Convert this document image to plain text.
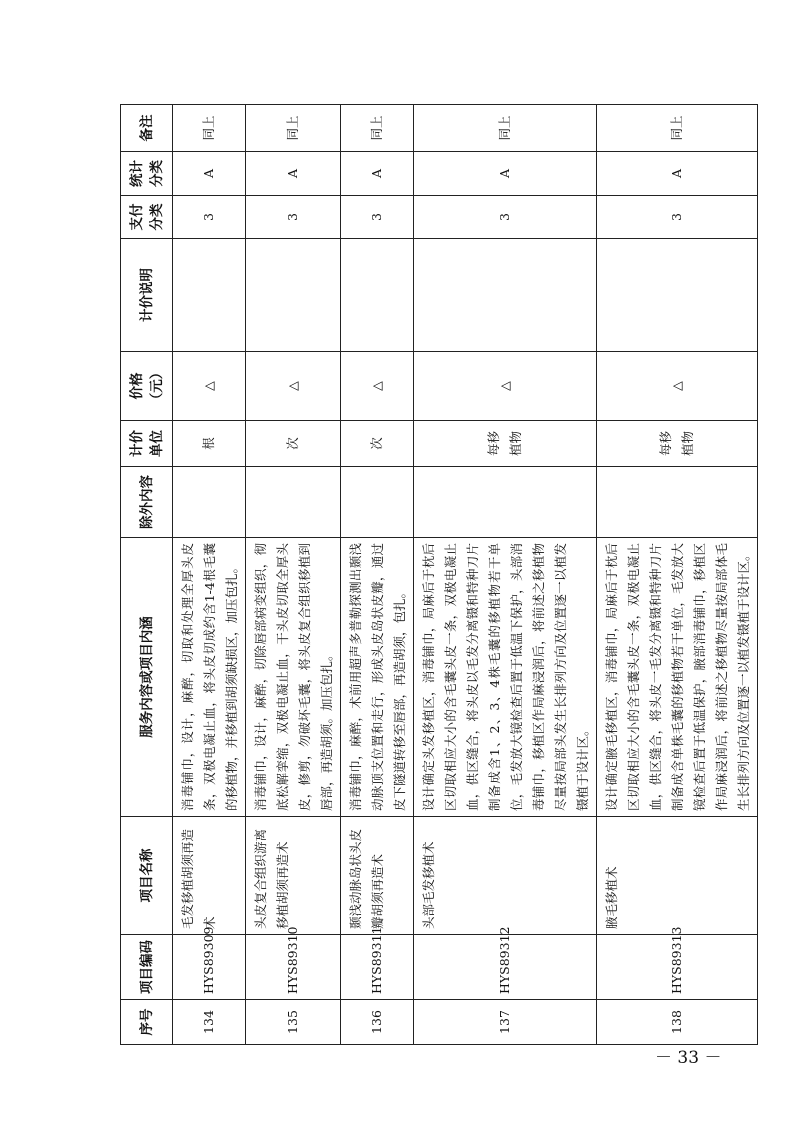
序号	项目编码	项目名称	服务内容或项目内涵	除外内容	计价单位	价格（元）	计价说明	支付分类	统计分类	备注
134	HYS89309	毛发移植胡须再造术	消毒铺巾，设计，麻醉，切取和处理全厚头皮条，双极电凝止血，将头皮切成约含1-4根毛囊的移植物，并移植到胡须缺损区，加压包扎。		根	△		3	A	同上
135	HYS89310	头皮复合组织游离移植胡须再造术	消毒铺巾，设计，麻醉，切除唇部病变组织，彻底松解挛缩，双极电凝止血，干头皮切取全厚头皮，修剪，勿破坏毛囊，将头皮复合组织移植到唇部，再造胡须。加压包扎。		次	△		3	A	同上
136	HYS89311	颞浅动脉岛状头皮瓣胡须再造术	消毒铺巾，麻醉，术前用超声多普勒探测出颞浅动脉顶支位置和走行，形成头皮岛状皮瓣，通过皮下隧道转移至唇部，再造胡须，包扎。		次	△		3	A	同上
137	HYS89312	头部毛发移植术	设计确定头发移植区，消毒铺巾，局麻后于枕后区切取相应大小的含毛囊头皮一条，双极电凝止血，供区缝合，将头皮以毛发分离镊和特种刀片制备成含1、2、3、4株毛囊的移植物若干单位，毛发放大镜检查后置于低温下保护，头部消毒铺巾，移植区作局麻浸润后，将前述之移植物尽量按局部头发生长排列方向及位置逐一以植发镊植于设计区。		每移植物	△		3	A	同上
138	HYS89313	腋毛移植术	设计确定腋毛移植区，消毒铺巾，局麻后于枕后区切取相应大小的含毛囊头皮一条，双极电凝止血，供区缝合，将头皮一毛发分离镊和特种刀片制备成含单株毛囊的移植物若干单位，毛发放大镜检查后置于低温保护，腋部消毒铺巾，移植区作局麻浸润后，将前述之移植物尽量按局部体毛生长排列方向及位置逐一以植发镊植于设计区。		每移植物	△		3	A	同上
－ 33 －
